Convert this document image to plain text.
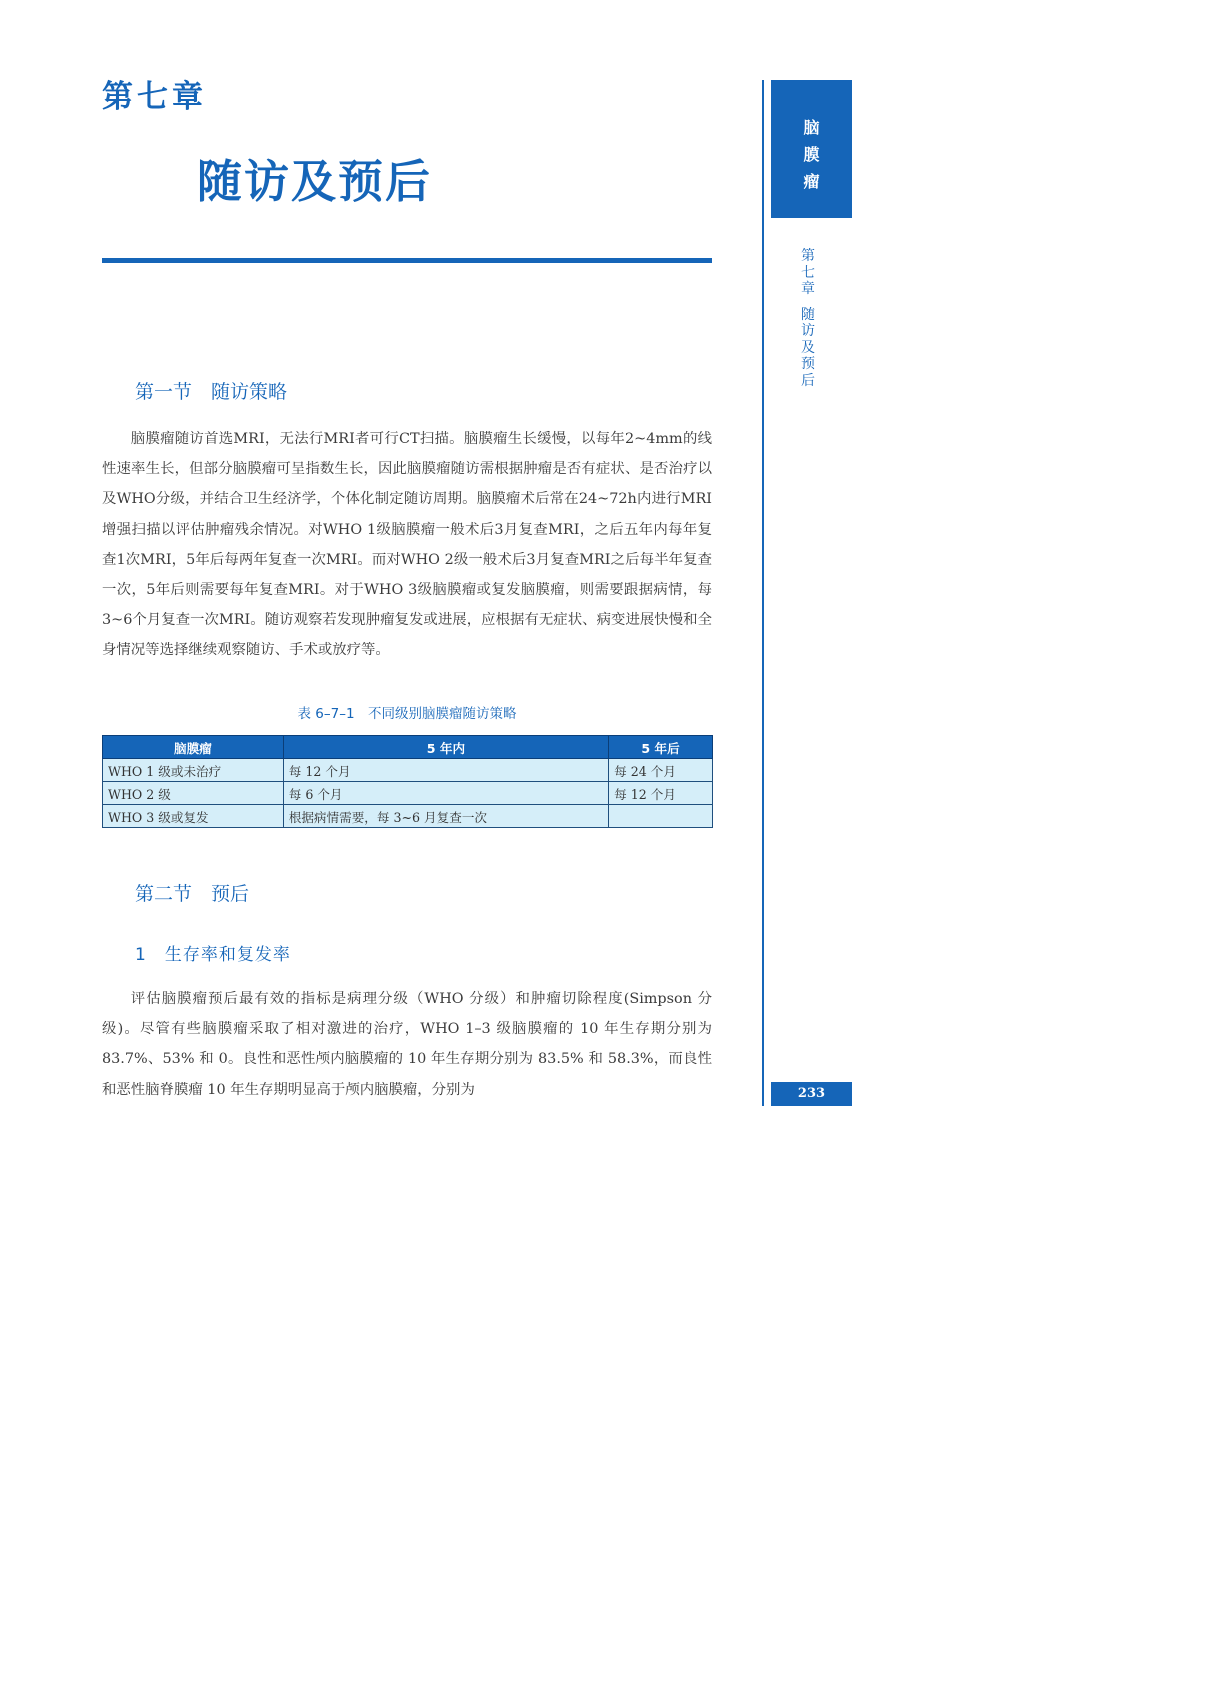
第七章
随访及预后
第一节　随访策略

脑膜瘤随访首选MRI，无法行MRI者可行CT扫描。脑膜瘤生长缓慢，以每年2~4mm的线性速率生长，但部分脑膜瘤可呈指数生长，因此脑膜瘤随访需根据肿瘤是否有症状、是否治疗以及WHO分级，并结合卫生经济学，个体化制定随访周期。脑膜瘤术后常在24~72h内进行MRI增强扫描以评估肿瘤残余情况。对WHO 1级脑膜瘤一般术后3月复查MRI，之后五年内每年复查1次MRI，5年后每两年复查一次MRI。而对WHO 2级一般术后3月复查MRI之后每半年复查一次，5年后则需要每年复查MRI。对于WHO 3级脑膜瘤或复发脑膜瘤，则需要跟据病情，每3~6个月复查一次MRI。随访观察若发现肿瘤复发或进展，应根据有无症状、病变进展快慢和全身情况等选择继续观察随访、手术或放疗等。

表 6–7–1　不同级别脑膜瘤随访策略
脑膜瘤	5 年内	5 年后
WHO 1 级或未治疗	每 12 个月	每 24 个月
WHO 2 级	每 6 个月	每 12 个月
WHO 3 级或复发	根据病情需要，每 3~6 月复查一次	
第二节　预后
1　生存率和复发率

评估脑膜瘤预后最有效的指标是病理分级（WHO 分级）和肿瘤切除程度(Simpson 分级)。尽管有些脑膜瘤采取了相对激进的治疗，WHO 1–3 级脑膜瘤的 10 年生存期分别为 83.7%、53% 和 0。良性和恶性颅内脑膜瘤的 10 年生存期分别为 83.5% 和 58.3%，而良性和恶性脑脊膜瘤 10 年生存期明显高于颅内脑膜瘤，分别为

脑
膜
瘤
第
七
章
随
访
及
预
后
233
